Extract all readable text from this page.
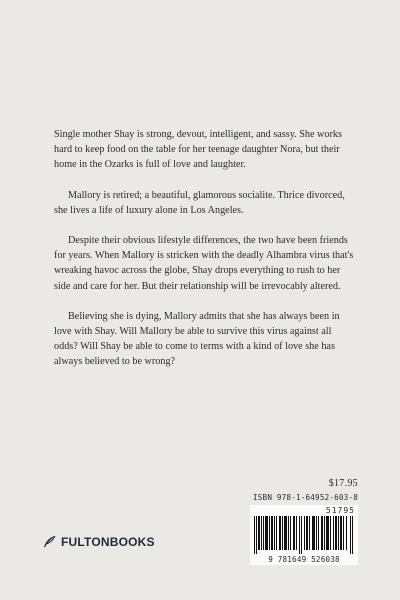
Single mother Shay is strong, devout, intelligent, and sassy. She works hard to keep food on the table for her teenage daughter Nora, but their home in the Ozarks is full of love and laughter.

Mallory is retired; a beautiful, glamorous socialite. Thrice divorced, she lives a life of luxury alone in Los Angeles.

Despite their obvious lifestyle differences, the two have been friends for years. When Mallory is stricken with the deadly Alhambra virus that's wreaking havoc across the globe, Shay drops everything to rush to her side and care for her. But their relationship will be irrevocably altered.

Believing she is dying, Mallory admits that she has always been in love with Shay. Will Mallory be able to survive this virus against all odds? Will Shay be able to come to terms with a kind of love she has always believed to be wrong?

$17.95
ISBN 978-1-64952-603-8
51795
9 781649 526038
FULTONBOOKS
